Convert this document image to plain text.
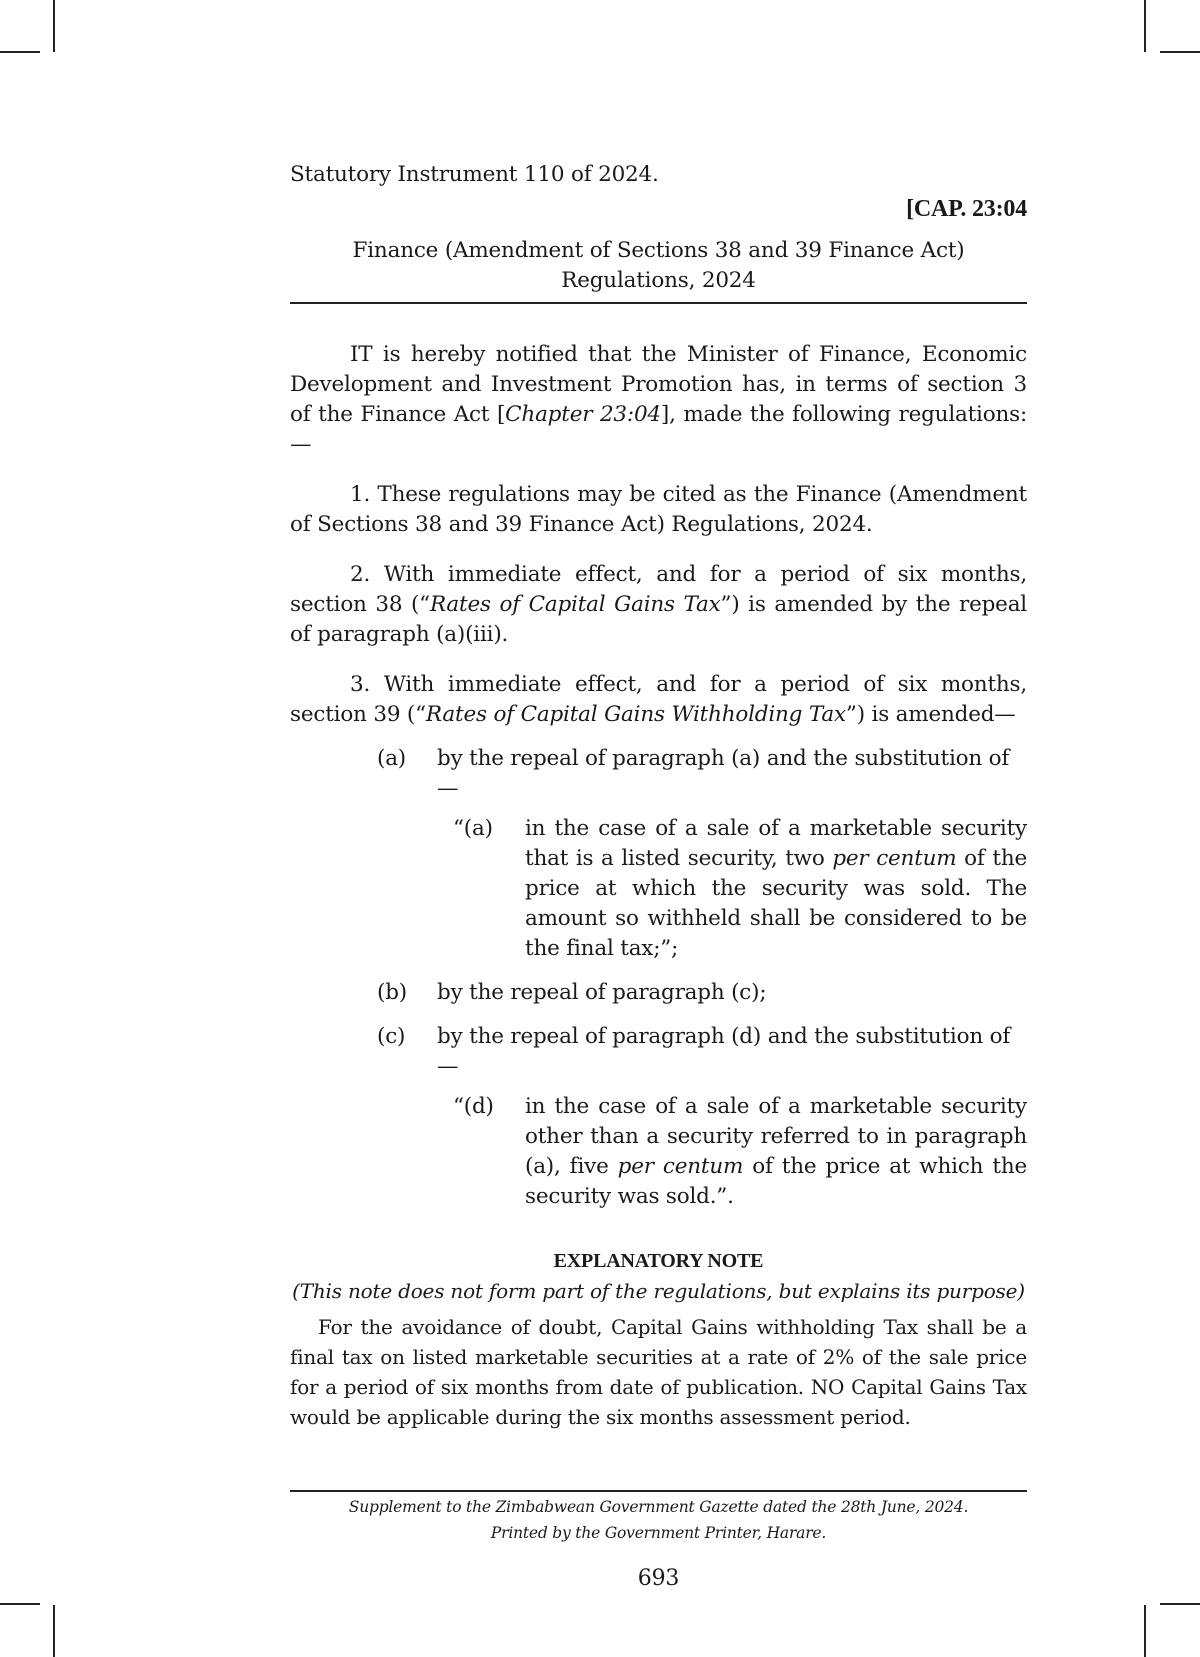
Statutory Instrument 110 of 2024.

[CAP. 23:04
Finance (Amendment of Sections 38 and 39 Finance Act)
Regulations, 2024

IT is hereby notified that the Minister of Finance, Economic Development and Investment Promotion has, in terms of section 3 of the Finance Act [Chapter 23:04], made the following regulations:—

1. These regulations may be cited as the Finance (Amendment of Sections 38 and 39 Finance Act) Regulations, 2024.

2. With immediate effect, and for a period of six months, section 38 (“Rates of Capital Gains Tax”) is amended by the repeal of paragraph (a)(iii).

3. With immediate effect, and for a period of six months, section 39 (“Rates of Capital Gains Withholding Tax”) is amended—

(a)	by the repeal of paragraph (a) and the substitution of—
“(a)	in the case of a sale of a marketable security that is a listed security, two per centum of the price at which the security was sold. The amount so withheld shall be considered to be the final tax;”;
(b)	by the repeal of paragraph (c);
(c)	by the repeal of paragraph (d) and the substitution of—
“(d)	in the case of a sale of a marketable security other than a security referred to in paragraph (a), five per centum of the price at which the security was sold.”.
EXPLANATORY NOTE
(This note does not form part of the regulations, but explains its purpose)

For the avoidance of doubt, Capital Gains withholding Tax shall be a final tax on listed marketable securities at a rate of 2% of the sale price for a period of six months from date of publication. NO Capital Gains Tax would be applicable during the six months assessment period.

Supplement to the Zimbabwean Government Gazette dated the 28th June, 2024.
Printed by the Government Printer, Harare.
693
